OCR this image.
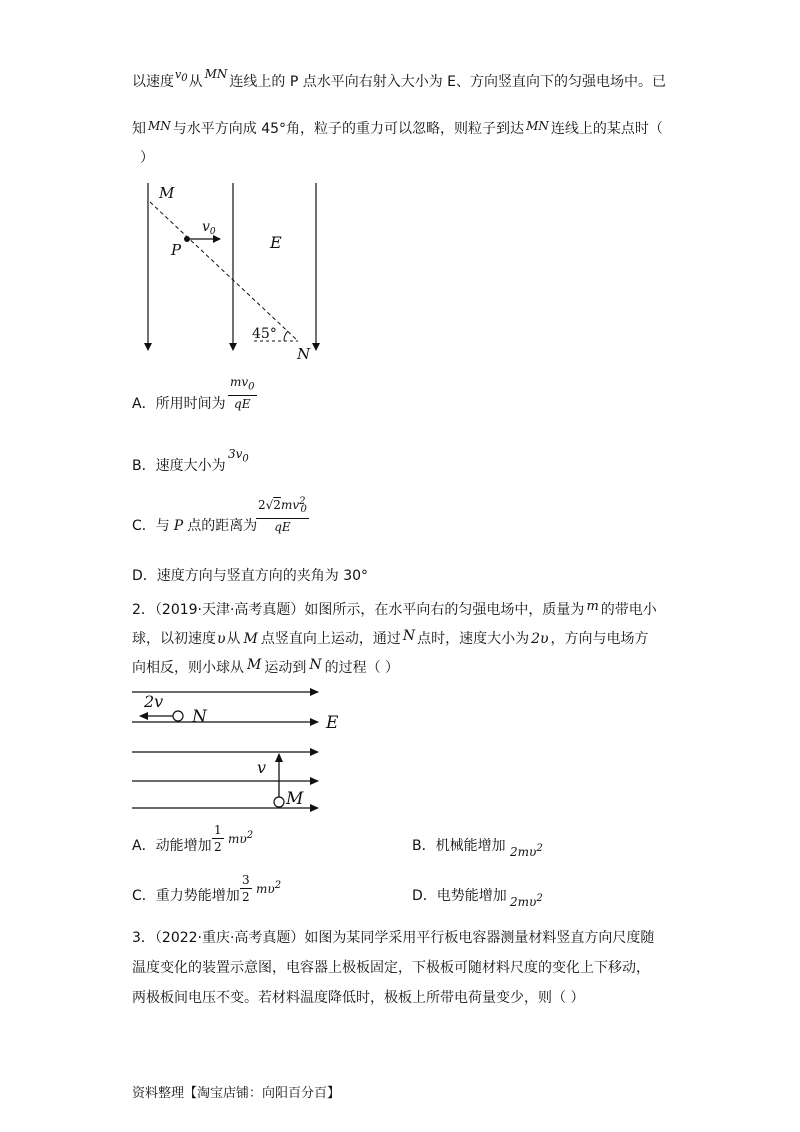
以速度$^{v_0}$从 MN 连线上的 P 点水平向右射入大小为 E、方向竖直向下的匀强电场中。已
知 MN 与水平方向成 45°角，粒子的重力可以忽略，则粒子到达 MN 连线上的某点时（
）
M
P
$v_0$
E
45°
N
A．所用时间为 $\frac{mv_0}{qE}$
B．速度大小为
$3v_0$
C．与 P 点的距离为
$\frac{2√2mv^2_0}{qE}$
D．速度方向与竖直方向的夹角为 30°
2．（2019·天津·高考真题）如图所示，在水平向右的匀强电场中，质量为 m 的带电小
球，以初速度υ从 M 点竖直向上运动，通过 N 点时，速度大小为 2υ ，方向与电场方
向相反，则小球从 M 运动到 N 的过程（ ）
2v
N	E
v
M
A．动能增加 $\frac{1}{2} m\upsilon^2$
B．机械能增加 $2m\upsilon^2$
C．重力势能增加 $\frac{3}{2} m\upsilon^2$
D．电势能增加 $2m\upsilon^2$
3．（2022·重庆·高考真题）如图为某同学采用平行板电容器测量材料竖直方向尺度随
温度变化的装置示意图，电容器上极板固定，下极板可随材料尺度的变化上下移动，
两极板间电压不变。若材料温度降低时，极板上所带电荷量变少，则（ ）
资料整理【淘宝店铺：向阳百分百】
